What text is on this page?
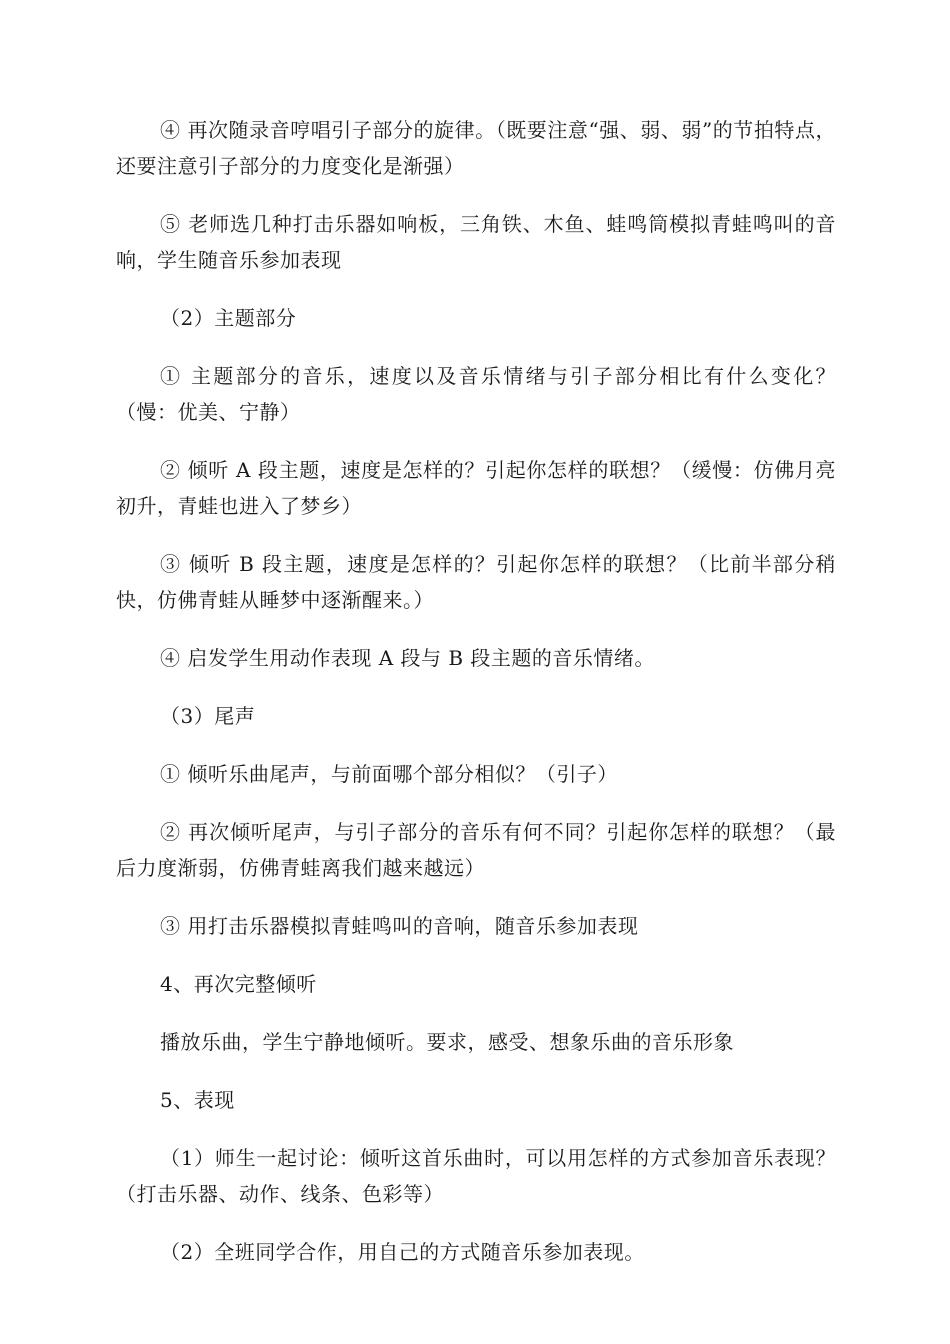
④ 再次随录音哼唱引子部分的旋律。（既要注意“强、弱、弱”的节拍特点，还要注意引子部分的力度变化是渐强）

⑤ 老师选几种打击乐器如响板，三角铁、木鱼、蛙鸣筒模拟青蛙鸣叫的音响，学生随音乐参加表现

（2）主题部分

① 主题部分的音乐，速度以及音乐情绪与引子部分相比有什么变化？（慢：优美、宁静）

② 倾听 A 段主题，速度是怎样的？引起你怎样的联想？（缓慢：仿佛月亮初升，青蛙也进入了梦乡）

③ 倾听 B 段主题，速度是怎样的？引起你怎样的联想？（比前半部分稍快，仿佛青蛙从睡梦中逐渐醒来。）

④ 启发学生用动作表现 A 段与 B 段主题的音乐情绪。

（3）尾声

① 倾听乐曲尾声，与前面哪个部分相似？（引子）

② 再次倾听尾声，与引子部分的音乐有何不同？引起你怎样的联想？（最后力度渐弱，仿佛青蛙离我们越来越远）

③ 用打击乐器模拟青蛙鸣叫的音响，随音乐参加表现

4、再次完整倾听

播放乐曲，学生宁静地倾听。要求，感受、想象乐曲的音乐形象

5、表现

（1）师生一起讨论：倾听这首乐曲时，可以用怎样的方式参加音乐表现？（打击乐器、动作、线条、色彩等）

（2）全班同学合作，用自己的方式随音乐参加表现。
